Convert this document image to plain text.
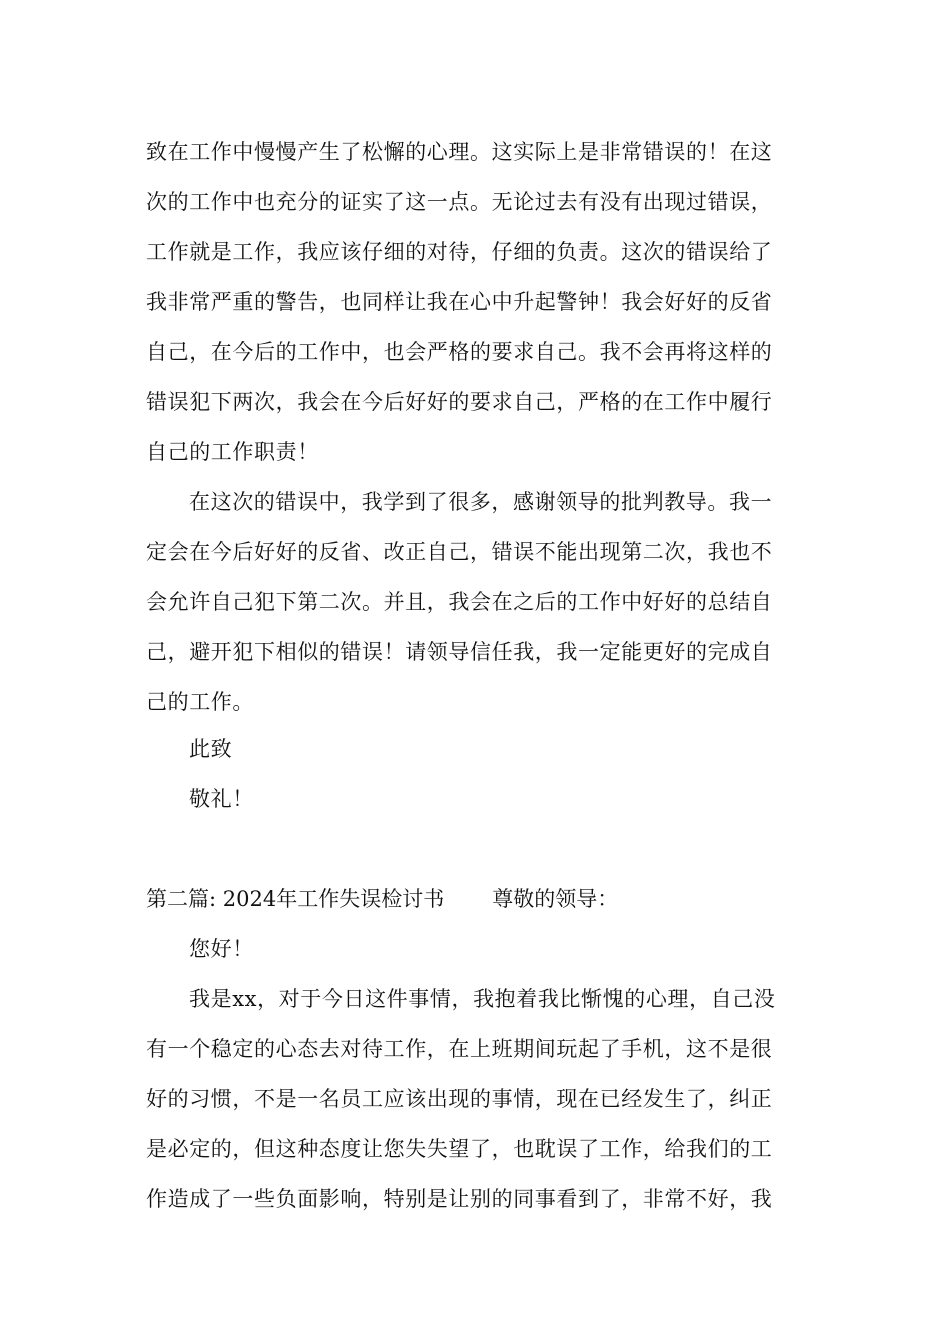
致在工作中慢慢产生了松懈的心理。这实际上是非常错误的！在这
次的工作中也充分的证实了这一点。无论过去有没有出现过错误，
工作就是工作，我应该仔细的对待，仔细的负责。这次的错误给了
我非常严重的警告，也同样让我在心中升起警钟！我会好好的反省
自己，在今后的工作中，也会严格的要求自己。我不会再将这样的
错误犯下两次，我会在今后好好的要求自己，严格的在工作中履行
自己的工作职责！
在这次的错误中，我学到了很多，感谢领导的批判教导。我一
定会在今后好好的反省、改正自己，错误不能出现第二次，我也不
会允许自己犯下第二次。并且，我会在之后的工作中好好的总结自
己，避开犯下相似的错误！请领导信任我，我一定能更好的完成自
己的工作。
此致
敬礼！
第二篇: 2024年工作失误检讨书 尊敬的领导：
您好！
我是xx，对于今日这件事情，我抱着我比惭愧的心理，自己没
有一个稳定的心态去对待工作，在上班期间玩起了手机，这不是很
好的习惯，不是一名员工应该出现的事情，现在已经发生了，纠正
是必定的，但这种态度让您失失望了，也耽误了工作，给我们的工
作造成了一些负面影响，特别是让别的同事看到了，非常不好，我
